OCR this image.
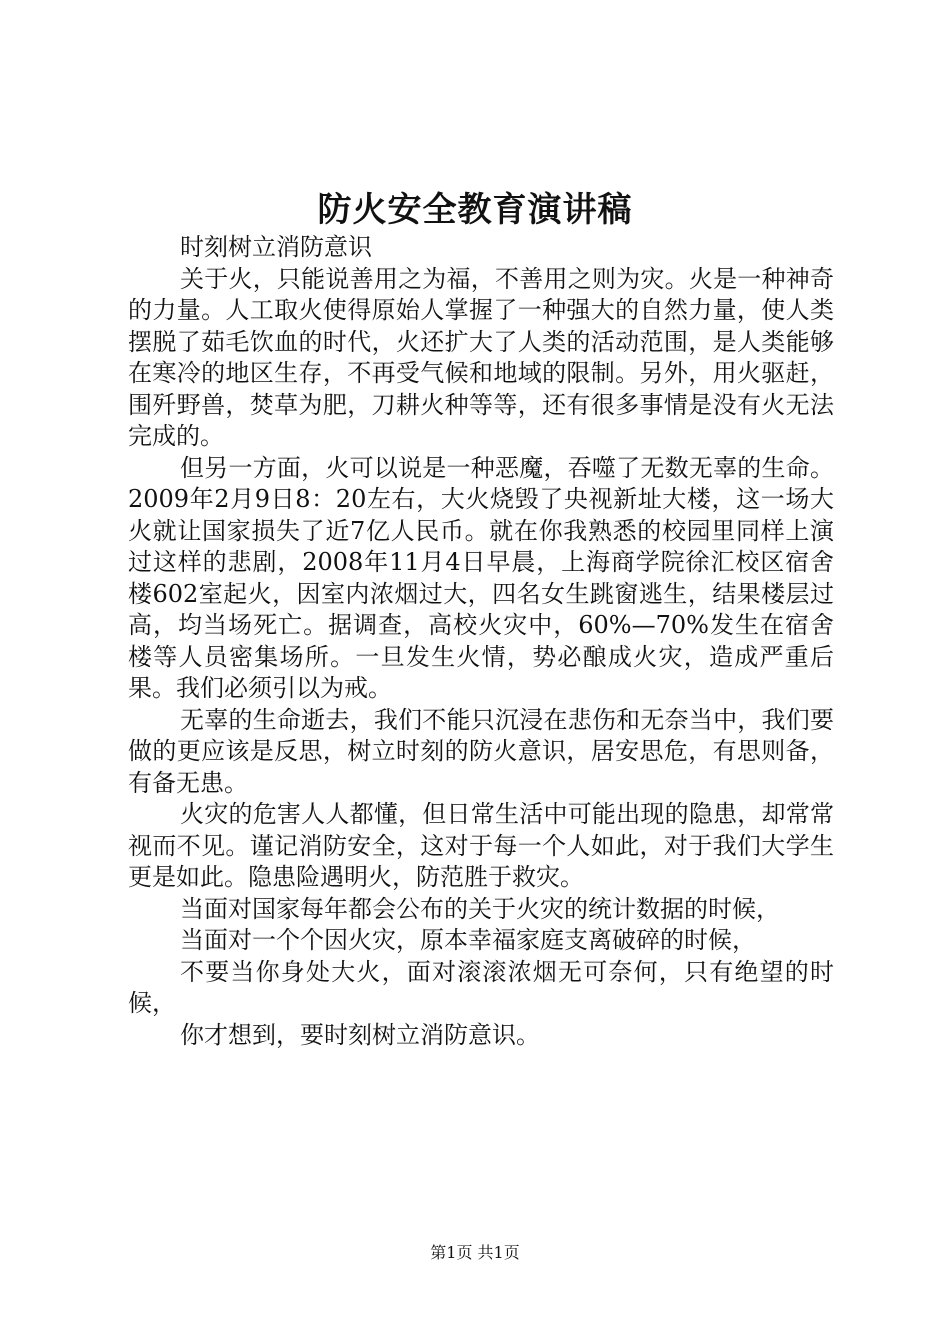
防火安全教育演讲稿

时刻树立消防意识

关于火，只能说善用之为福，不善用之则为灾。火是一种神奇的力量。人工取火使得原始人掌握了一种强大的自然力量，使人类摆脱了茹毛饮血的时代，火还扩大了人类的活动范围，是人类能够在寒冷的地区生存，不再受气候和地域的限制。另外，用火驱赶，围歼野兽，焚草为肥，刀耕火种等等，还有很多事情是没有火无法完成的。

但另一方面，火可以说是一种恶魔，吞噬了无数无辜的生命。2009年2月9日8：20左右，大火烧毁了央视新址大楼，这一场大火就让国家损失了近7亿人民币。就在你我熟悉的校园里同样上演过这样的悲剧，2008年11月4日早晨，上海商学院徐汇校区宿舍楼602室起火，因室内浓烟过大，四名女生跳窗逃生，结果楼层过高，均当场死亡。据调查，高校火灾中，60%—70%发生在宿舍楼等人员密集场所。一旦发生火情，势必酿成火灾，造成严重后果。我们必须引以为戒。

无辜的生命逝去，我们不能只沉浸在悲伤和无奈当中，我们要做的更应该是反思，树立时刻的防火意识，居安思危，有思则备，有备无患。

火灾的危害人人都懂，但日常生活中可能出现的隐患，却常常视而不见。谨记消防安全，这对于每一个人如此，对于我们大学生更是如此。隐患险遇明火，防范胜于救灾。

当面对国家每年都会公布的关于火灾的统计数据的时候，

当面对一个个因火灾，原本幸福家庭支离破碎的时候，

不要当你身处大火，面对滚滚浓烟无可奈何，只有绝望的时候，

你才想到，要时刻树立消防意识。

第1页 共1页
